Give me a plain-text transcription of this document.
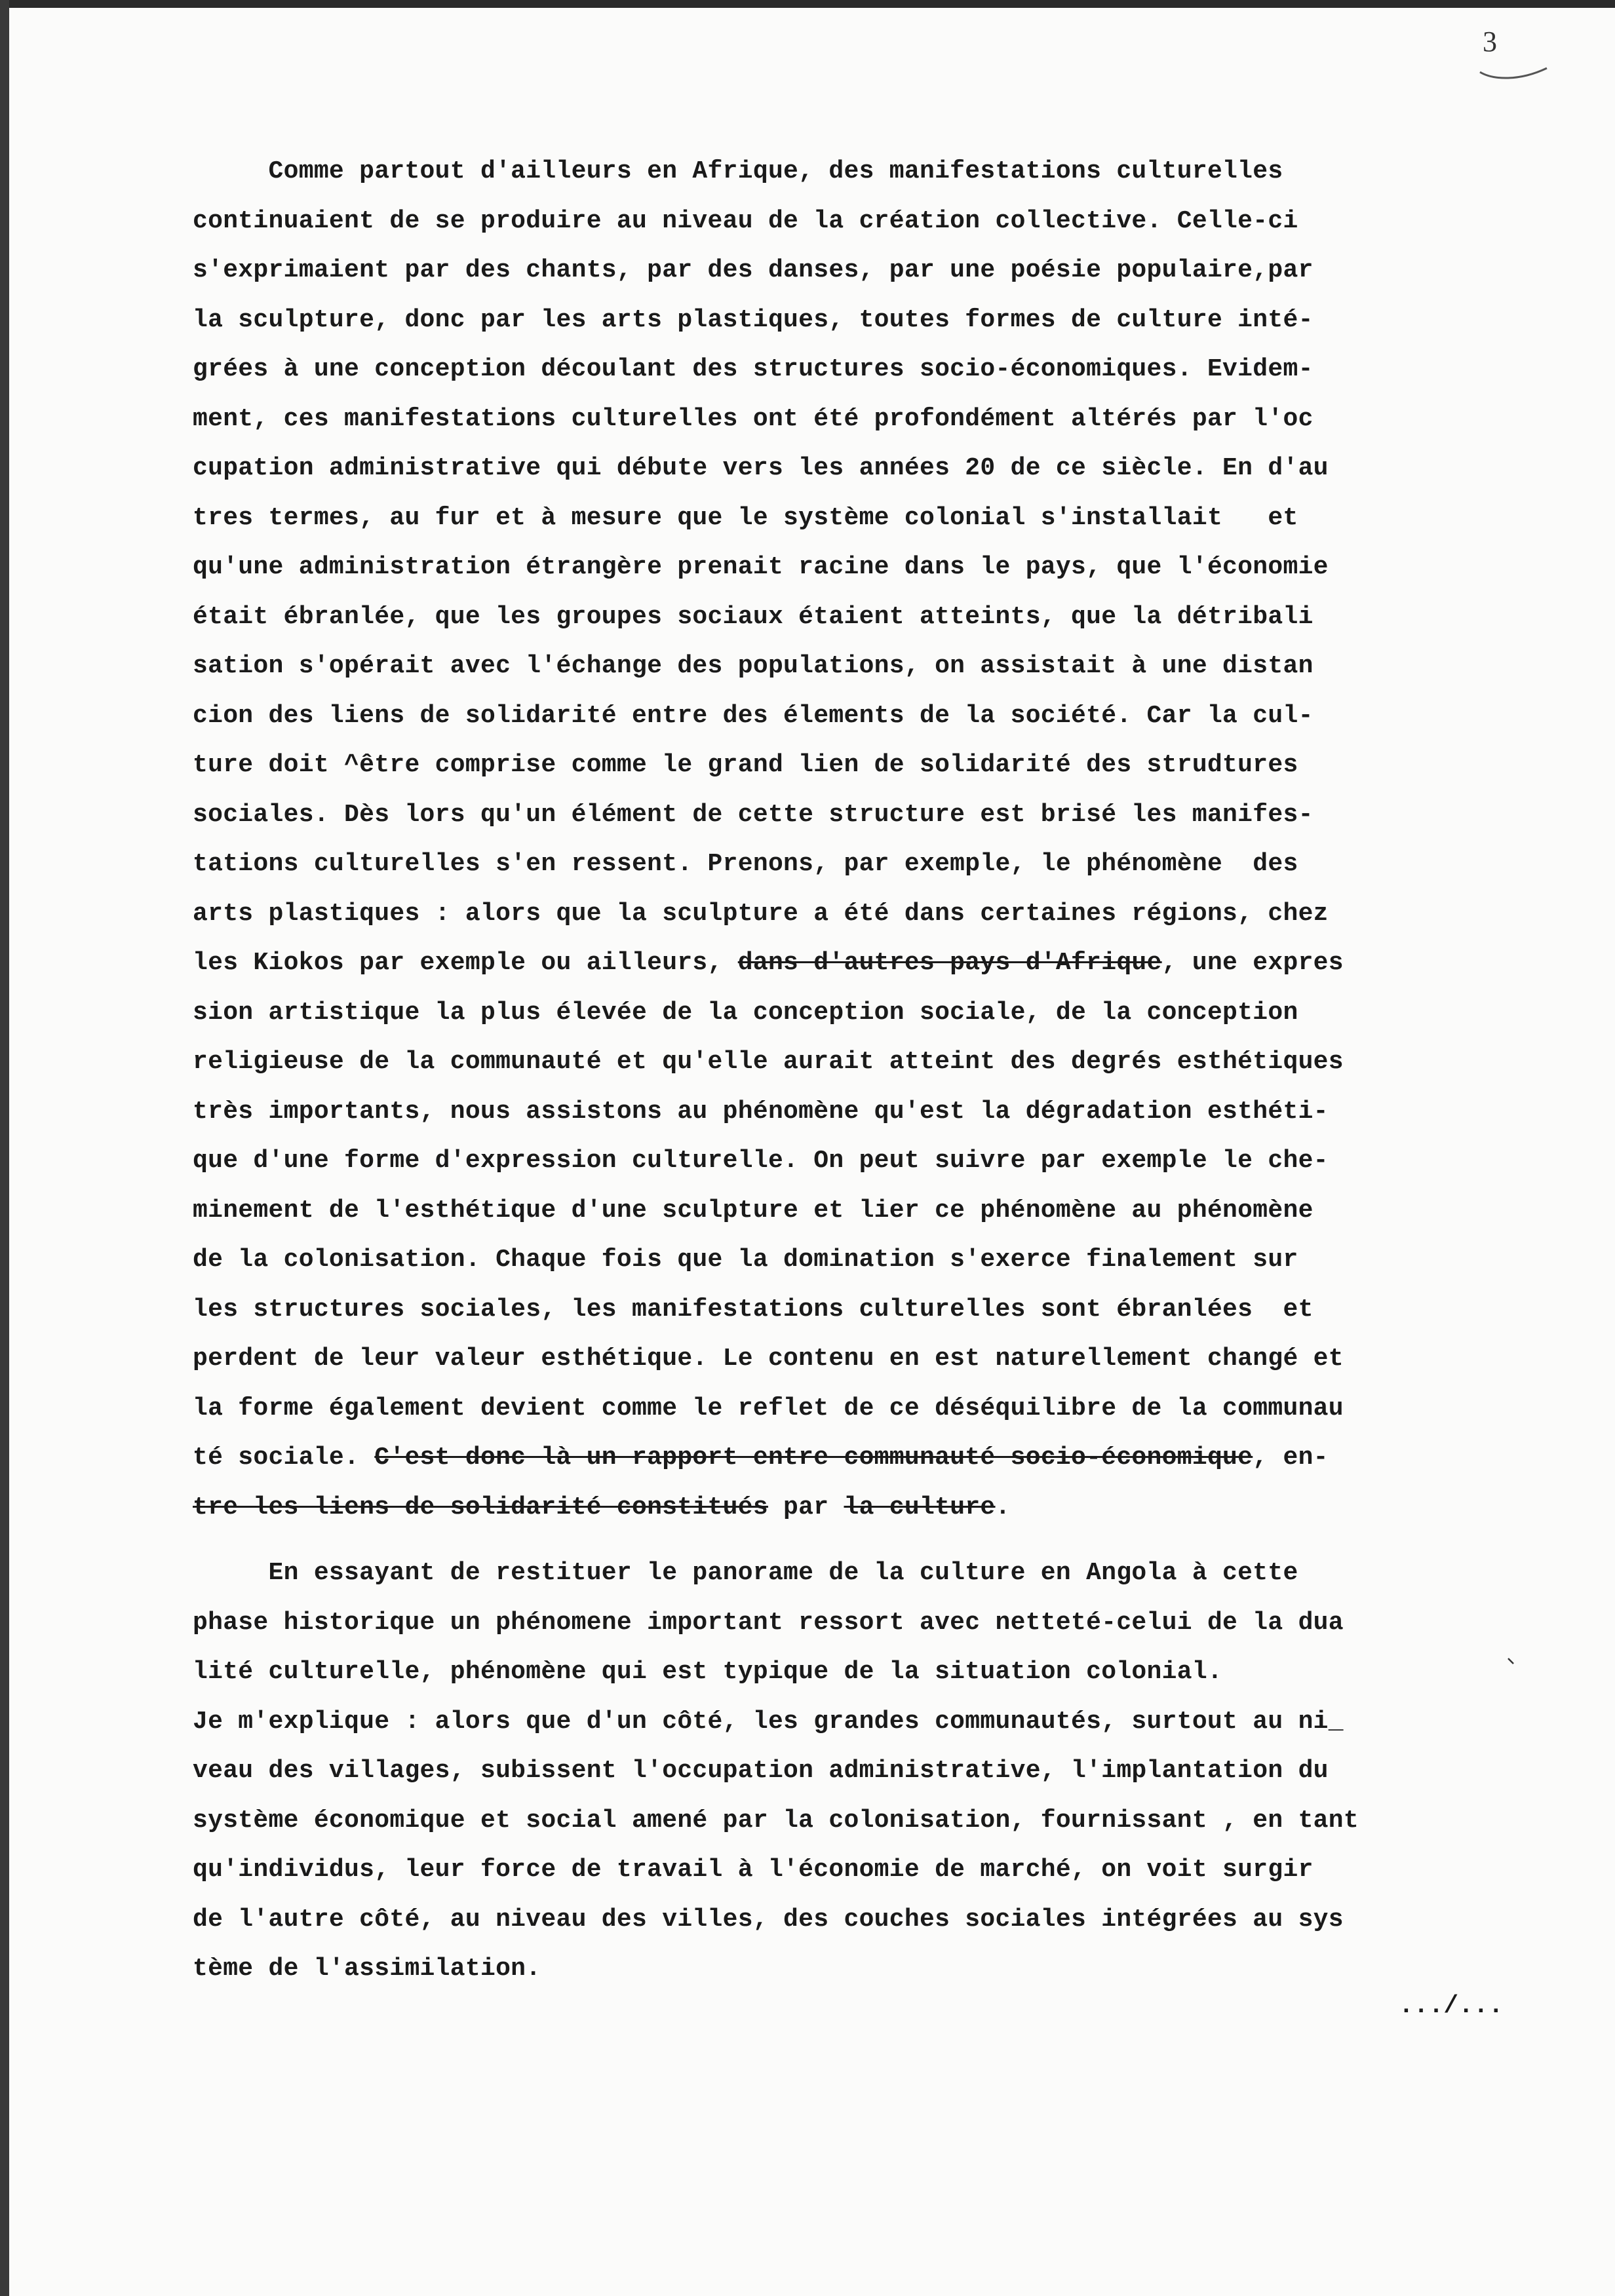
3
Comme partout d'ailleurs en Afrique, des manifestations culturelles
continuaient de se produire au niveau de la création collective. Celle-ci
s'exprimaient par des chants, par des danses, par une poésie populaire,par
la sculpture, donc par les arts plastiques, toutes formes de culture inté-
grées à une conception découlant des structures socio-économiques. Evidem-
ment, ces manifestations culturelles ont été profondément altérés par l'oc
cupation administrative qui débute vers les années 20 de ce siècle. En d'au
tres termes, au fur et à mesure que le système colonial s'installait   et
qu'une administration étrangère prenait racine dans le pays, que l'économie
était ébranlée, que les groupes sociaux étaient atteints, que la détribali
sation s'opérait avec l'échange des populations, on assistait à une distan
cion des liens de solidarité entre des élements de la société. Car la cul-
ture doit ^être comprise comme le grand lien de solidarité des strudtures
sociales. Dès lors qu'un élément de cette structure est brisé les manifes-
tations culturelles s'en ressent. Prenons, par exemple, le phénomène  des
arts plastiques : alors que la sculpture a été dans certaines régions, chez
les Kiokos par exemple ou ailleurs, dans d'autres pays d'Afrique, une expres
sion artistique la plus élevée de la conception sociale, de la conception
religieuse de la communauté et qu'elle aurait atteint des degrés esthétiques
très importants, nous assistons au phénomène qu'est la dégradation esthéti-
que d'une forme d'expression culturelle. On peut suivre par exemple le che-
minement de l'esthétique d'une sculpture et lier ce phénomène au phénomène
de la colonisation. Chaque fois que la domination s'exerce finalement sur
les structures sociales, les manifestations culturelles sont ébranlées  et
perdent de leur valeur esthétique. Le contenu en est naturellement changé et
la forme également devient comme le reflet de ce déséquilibre de la communau
té sociale. C'est donc là un rapport entre communauté socio-économique, en-
tre les liens de solidarité constitués par la culture.
En essayant de restituer le panorame de la culture en Angola à cette
phase historique un phénomene important ressort avec netteté-celui de la dua
lité culturelle, phénomène qui est typique de la situation colonial.
Je m'explique : alors que d'un côté, les grandes communautés, surtout au ni_
veau des villages, subissent l'occupation administrative, l'implantation du
système économique et social amené par la colonisation, fournissant , en tant
qu'individus, leur force de travail à l'économie de marché, on voit surgir
de l'autre côté, au niveau des villes, des couches sociales intégrées au sys
tème de l'assimilation.
.../...
